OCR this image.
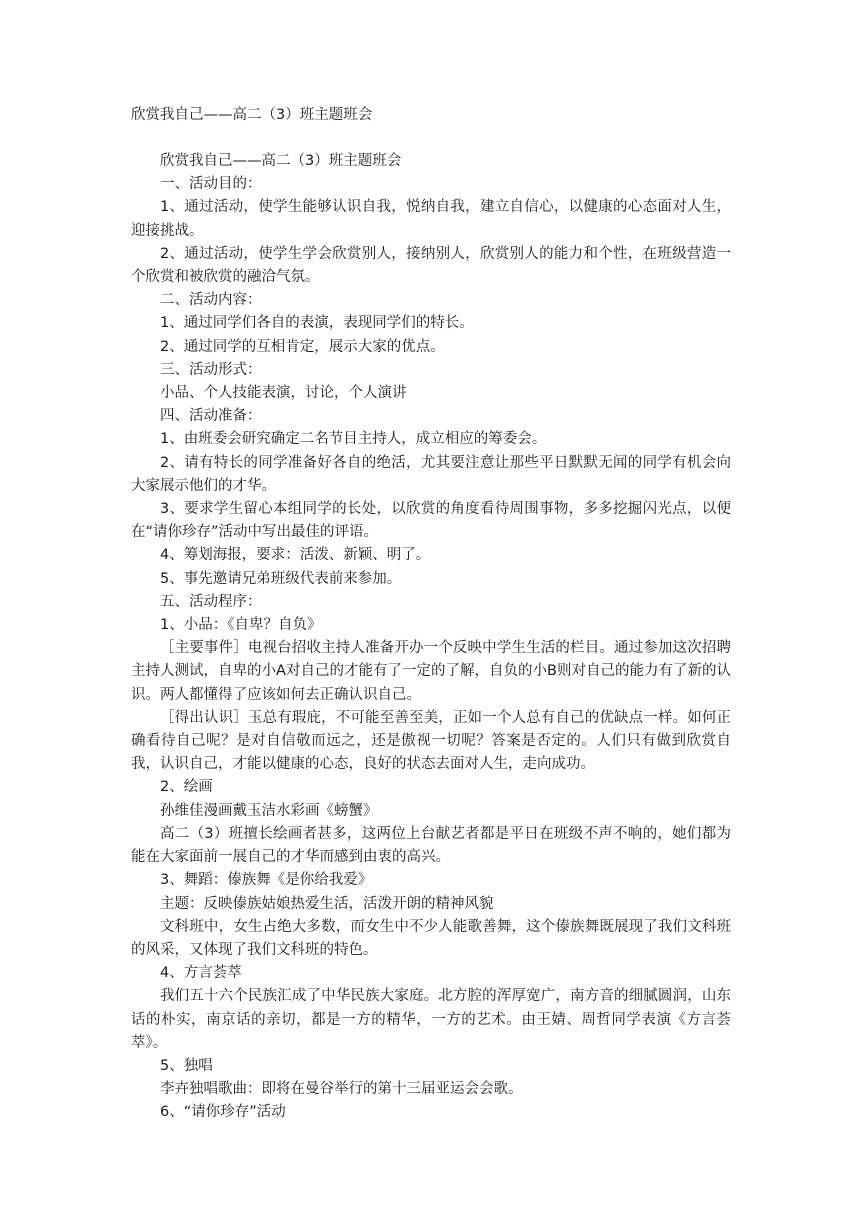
欣赏我自己——高二（3）班主题班会

欣赏我自己——高二（3）班主题班会

一、活动目的：

1、通过活动，使学生能够认识自我，悦纳自我，建立自信心，以健康的心态面对人生，迎接挑战。

2、通过活动，使学生学会欣赏别人，接纳别人，欣赏别人的能力和个性，在班级营造一个欣赏和被欣赏的融洽气氛。

二、活动内容：

1、通过同学们各自的表演，表现同学们的特长。

2、通过同学的互相肯定，展示大家的优点。

三、活动形式：

小品、个人技能表演，讨论，个人演讲

四、活动准备：

1、由班委会研究确定二名节目主持人，成立相应的筹委会。

2、请有特长的同学准备好各自的绝活，尤其要注意让那些平日默默无闻的同学有机会向大家展示他们的才华。

3、要求学生留心本组同学的长处，以欣赏的角度看待周围事物，多多挖掘闪光点，以便在“请你珍存”活动中写出最佳的评语。

4、筹划海报，要求：活泼、新颖、明了。

5、事先邀请兄弟班级代表前来参加。

五、活动程序：

1、小品：《自卑？自负》

［主要事件］电视台招收主持人准备开办一个反映中学生生活的栏目。通过参加这次招聘主持人测试，自卑的小A对自己的才能有了一定的了解，自负的小B则对自己的能力有了新的认识。两人都懂得了应该如何去正确认识自己。

［得出认识］玉总有瑕庇，不可能至善至美，正如一个人总有自己的优缺点一样。如何正确看待自己呢？是对自信敬而远之，还是傲视一切呢？答案是否定的。人们只有做到欣赏自我，认识自己，才能以健康的心态，良好的状态去面对人生，走向成功。

2、绘画

孙维佳漫画戴玉洁水彩画《螃蟹》

高二（3）班擅长绘画者甚多，这两位上台献艺者都是平日在班级不声不响的，她们都为能在大家面前一展自己的才华而感到由衷的高兴。

3、舞蹈：傣族舞《是你给我爱》

主题：反映傣族姑娘热爱生活，活泼开朗的精神风貌

文科班中，女生占绝大多数，而女生中不少人能歌善舞，这个傣族舞既展现了我们文科班的风采，又体现了我们文科班的特色。

4、方言荟萃

我们五十六个民族汇成了中华民族大家庭。北方腔的浑厚宽广，南方音的细腻圆润，山东话的朴实，南京话的亲切，都是一方的精华，一方的艺术。由王婧、周哲同学表演《方言荟萃》。

5、独唱

李卉独唱歌曲：即将在曼谷举行的第十三届亚运会会歌。

6、“请你珍存”活动
